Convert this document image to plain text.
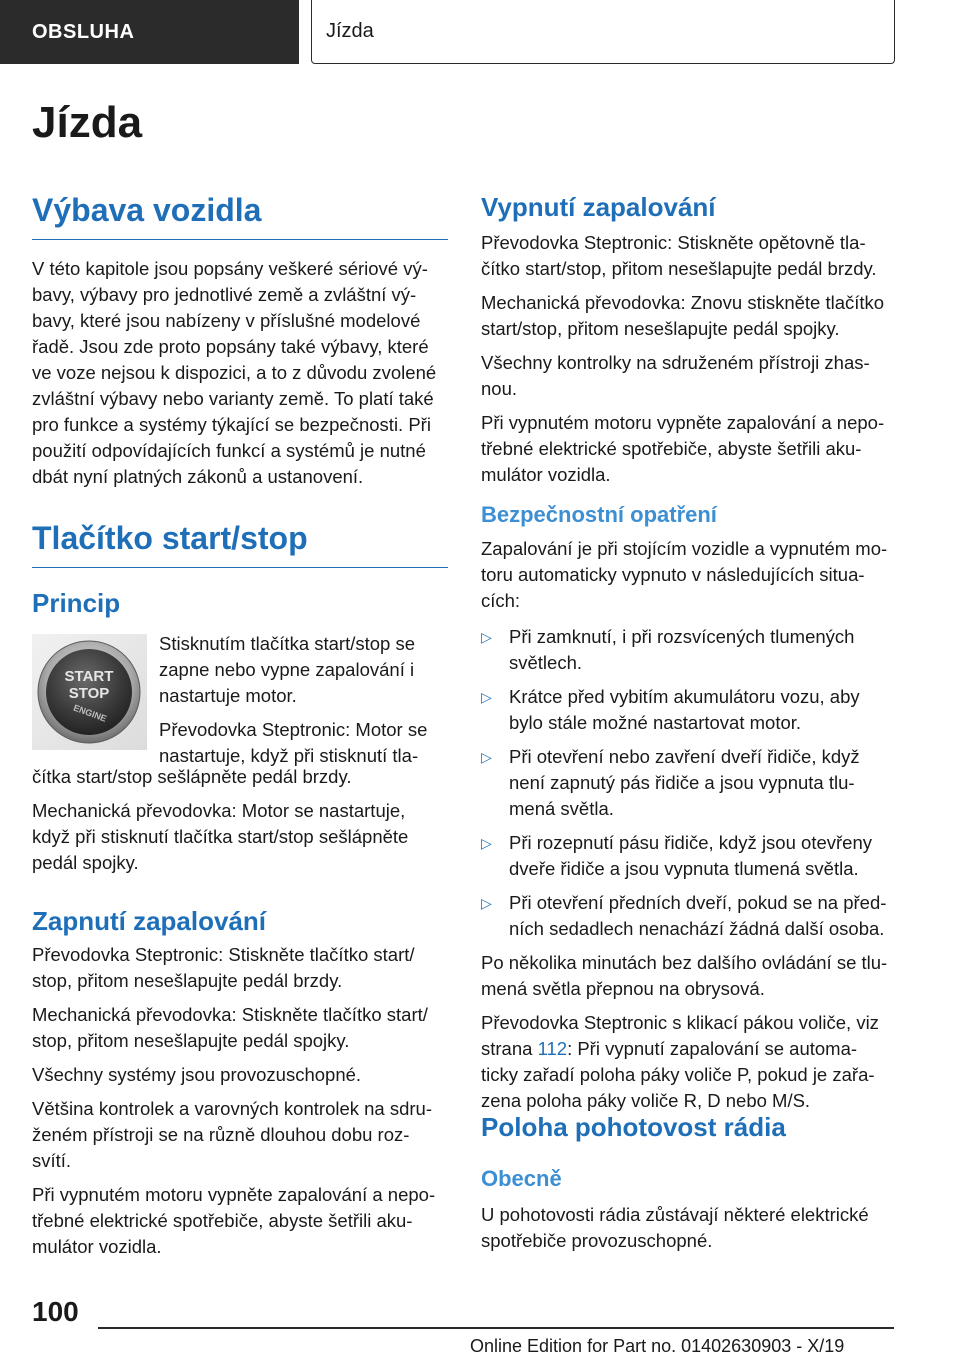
OBSLUHA	Jízda
Jízda
Výbava vozidla

V této kapitole jsou popsány veškeré sériové vý- bavy, výbavy pro jednotlivé země a zvláštní vý- bavy, které jsou nabízeny v příslušné modelové řadě. Jsou zde proto popsány také výbavy, které ve voze nejsou k dispozici, a to z důvodu zvolené zvláštní výbavy nebo varianty země. To platí také pro funkce a systémy týkající se bezpečnosti. Při použití odpovídajících funkcí a systémů je nutné dbát nyní platných zákonů a ustanovení.

Tlačítko start/stop
Princip

Stisknutím tlačítka start/stop se zapne nebo vypne zapalování i nastartuje motor.

Převodovka Steptronic: Motor se nastartuje, když při stisknutí tla-

čítka start/stop sešlápněte pedál brzdy.

Mechanická převodovka: Motor se nastartuje, když při stisknutí tlačítka start/stop sešlápněte pedál spojky.

Zapnutí zapalování

Převodovka Steptronic: Stiskněte tlačítko start/ stop, přitom nesešlapujte pedál brzdy.

Mechanická převodovka: Stiskněte tlačítko start/ stop, přitom nesešlapujte pedál spojky.

Všechny systémy jsou provozuschopné.

Většina kontrolek a varovných kontrolek na sdru- ženém přístroji se na různě dlouhou dobu roz- svítí.

Při vypnutém motoru vypněte zapalování a nepo- třebné elektrické spotřebiče, abyste šetřili aku- mulátor vozidla.

START
STOP
ENGINE
Vypnutí zapalování

Převodovka Steptronic: Stiskněte opětovně tla- čítko start/stop, přitom nesešlapujte pedál brzdy.

Mechanická převodovka: Znovu stiskněte tlačítko start/stop, přitom nesešlapujte pedál spojky.

Všechny kontrolky na sdruženém přístroji zhas- nou.

Při vypnutém motoru vypněte zapalování a nepo- třebné elektrické spotřebiče, abyste šetřili aku- mulátor vozidla.

Bezpečnostní opatření

Zapalování je při stojícím vozidle a vypnutém mo- toru automaticky vypnuto v následujících situa- cích:

▷ Při zamknutí, i při rozsvícených tlumených světlech.
▷ Krátce před vybitím akumulátoru vozu, aby bylo stále možné nastartovat motor.
▷ Při otevření nebo zavření dveří řidiče, když není zapnutý pás řidiče a jsou vypnuta tlu- mená světla.
▷ Při rozepnutí pásu řidiče, když jsou otevřeny dveře řidiče a jsou vypnuta tlumená světla.
▷ Při otevření předních dveří, pokud se na před- ních sedadlech nenachází žádná další osoba.

Po několika minutách bez dalšího ovládání se tlu- mená světla přepnou na obrysová.

Převodovka Steptronic s klikací pákou voliče, viz strana 112: Při vypnutí zapalování se automa- ticky zařadí poloha páky voliče P, pokud je zařa- zena poloha páky voliče R, D nebo M/S.

Poloha pohotovost rádia
Obecně

U pohotovosti rádia zůstávají některé elektrické spotřebiče provozuschopné.

100
Online Edition for Part no. 01402630903 - X/19
